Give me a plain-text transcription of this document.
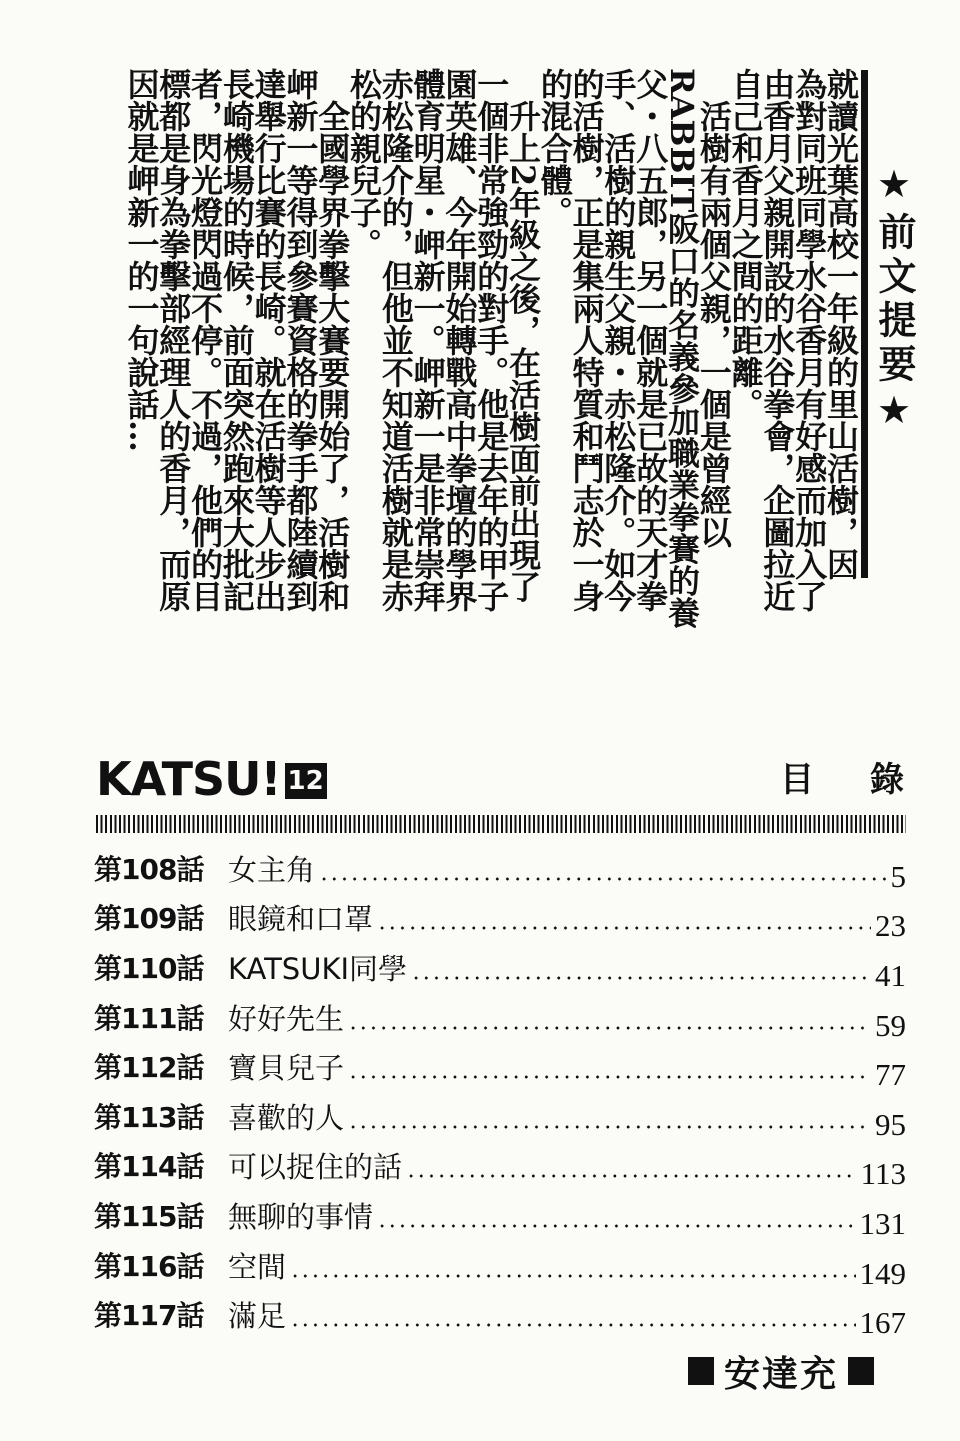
★前文提要★

就讀光葉高校一年級的里山活樹，因

為對同班同學水谷香月有好感而加入了

由香月父親開設的水谷拳會，企圖拉近

自己和香月之間的距離。

　活樹有兩個父親，一個是曾經以

RABBIT阪口的名義參加職業拳賽的養

父・八五郎，另一個就是已故的天才拳

手、活樹的親生父親・赤松隆介。如今

的活樹，正是集兩人特質和鬥志於一身

的混合體。

　升上2年級之後，在活樹面前出現了

一個非常強勁的對手。他是去年的甲子

園英雄、今年開始轉戰高中拳壇的學界

體育明星・岬新一。岬新一是非常崇拜

赤松隆介的，但他並不知道活樹就是赤

松的親兒子。

　全國學界拳擊大賽要開始了，活樹和

岬新一等得到參賽資格的拳手都陸續到

達舉行比賽的長崎。就在活樹等人步出

長崎機場的時候，前面突然跑來大批記

者，閃光燈閃過不停。不過，他們的目

標都是身為拳擊部經理人的香月，而原

因就是岬新一的一句說話…

KATSU! 12	目錄
第108話 女主角	5
第109話 眼鏡和口罩	23
第110話 KATSUKI同學	41
第111話 好好先生	59
第112話 寶貝兒子	77
第113話 喜歡的人	95
第114話 可以捉住的話	113
第115話 無聊的事情	131
第116話 空間	149
第117話 滿足	167
安達充
